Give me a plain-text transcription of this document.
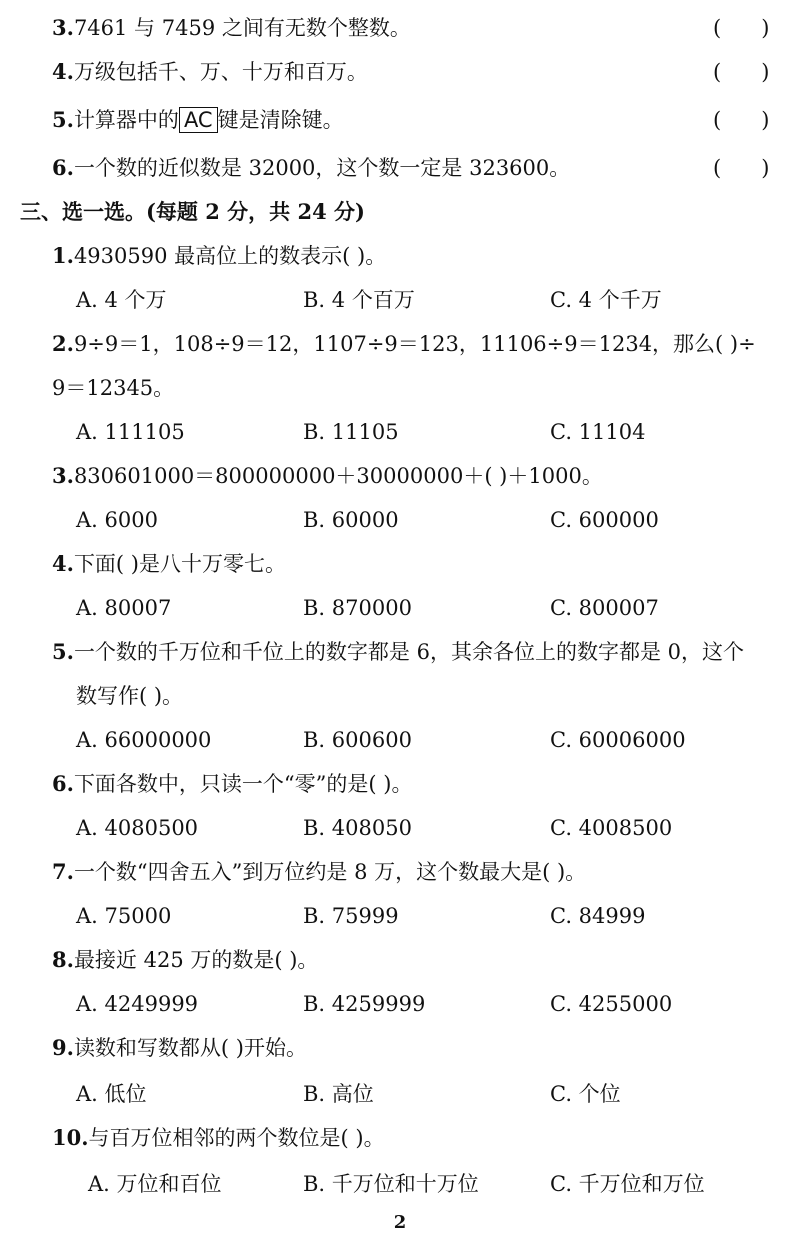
3.7461 与 7459 之间有无数个整数。	(      )
4.万级包括千、万、十万和百万。	(      )
5.计算器中的 AC 键是清除键。	(      )
6.一个数的近似数是 32000，这个数一定是 323600。	(      )
三、选一选。(每题 2 分，共 24 分)
1.4930590 最高位上的数表示( )。
A. 4 个万	B. 4 个百万	C. 4 个千万
2.9÷9＝1，108÷9＝12，1107÷9＝123，11106÷9＝1234，那么( )÷
9＝12345。
A. 111105	B. 11105	C. 11104
3.830601000＝800000000＋30000000＋( )＋1000。
A. 6000	B. 60000	C. 600000
4.下面( )是八十万零七。
A. 80007	B. 870000	C. 800007
5.一个数的千万位和千位上的数字都是 6，其余各位上的数字都是 0，这个
数写作( )。
A. 66000000	B. 600600	C. 60006000
6.下面各数中，只读一个“零”的是( )。
A. 4080500	B. 408050	C. 4008500
7.一个数“四舍五入”到万位约是 8 万，这个数最大是( )。
A. 75000	B. 75999	C. 84999
8.最接近 425 万的数是( )。
A. 4249999	B. 4259999	C. 4255000
9.读数和写数都从( )开始。
A. 低位	B. 高位	C. 个位
10.与百万位相邻的两个数位是( )。
A. 万位和百位	B. 千万位和十万位	C. 千万位和万位
2
